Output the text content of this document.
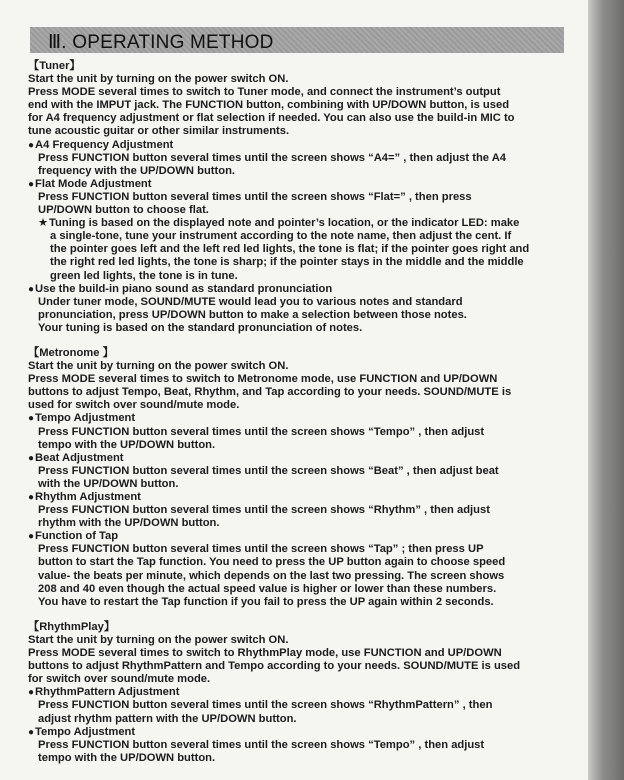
Ⅲ. OPERATING METHOD

【Tuner】

Start the unit by turning on the power switch ON.

Press MODE several times to switch to Tuner mode, and connect the instrument’s output

end with the IMPUT jack. The FUNCTION button, combining with UP/DOWN button, is used

for A4 frequency adjustment or flat selection if needed. You can also use the build-in MIC to

tune acoustic guitar or other similar instruments.

● A4 Frequency Adjustment

Press FUNCTION button several times until the screen shows “A4=” , then adjust the A4

frequency with the UP/DOWN button.

● Flat Mode Adjustment

Press FUNCTION button several times until the screen shows “Flat=” , then press

UP/DOWN button to choose flat.

★ Tuning is based on the displayed note and pointer’s location, or the indicator LED: make

a single-tone, tune your instrument according to the note name, then adjust the cent. If

the pointer goes left and the left red led lights, the tone is flat; if the pointer goes right and

the right red led lights, the tone is sharp; if the pointer stays in the middle and the middle

green led lights, the tone is in tune.

● Use the build-in piano sound as standard pronunciation

Under tuner mode, SOUND/MUTE would lead you to various notes and standard

pronunciation, press UP/DOWN button to make a selection between those notes.

Your tuning is based on the standard pronunciation of notes.

【Metronome 】

Start the unit by turning on the power switch ON.

Press MODE several times to switch to Metronome mode, use FUNCTION and UP/DOWN

buttons to adjust Tempo, Beat, Rhythm, and Tap according to your needs. SOUND/MUTE is

used for switch over sound/mute mode.

● Tempo Adjustment

Press FUNCTION button several times until the screen shows “Tempo” , then adjust

tempo with the UP/DOWN button.

● Beat Adjustment

Press FUNCTION button several times until the screen shows “Beat” , then adjust beat

with the UP/DOWN button.

● Rhythm Adjustment

Press FUNCTION button several times until the screen shows “Rhythm” , then adjust

rhythm with the UP/DOWN button.

● Function of Tap

Press FUNCTION button several times until the screen shows “Tap” ; then press UP

button to start the Tap function. You need to press the UP button again to choose speed

value- the beats per minute, which depends on the last two pressing. The screen shows

208 and 40 even though the actual speed value is higher or lower than these numbers.

You have to restart the Tap function if you fail to press the UP again within 2 seconds.

【RhythmPlay】

Start the unit by turning on the power switch ON.

Press MODE several times to switch to RhythmPlay mode, use FUNCTION and UP/DOWN

buttons to adjust RhythmPattern and Tempo according to your needs. SOUND/MUTE is used

for switch over sound/mute mode.

● RhythmPattern Adjustment

Press FUNCTION button several times until the screen shows “RhythmPattern” , then

adjust rhythm pattern with the UP/DOWN button.

● Tempo Adjustment

Press FUNCTION button several times until the screen shows “Tempo” , then adjust

tempo with the UP/DOWN button.
